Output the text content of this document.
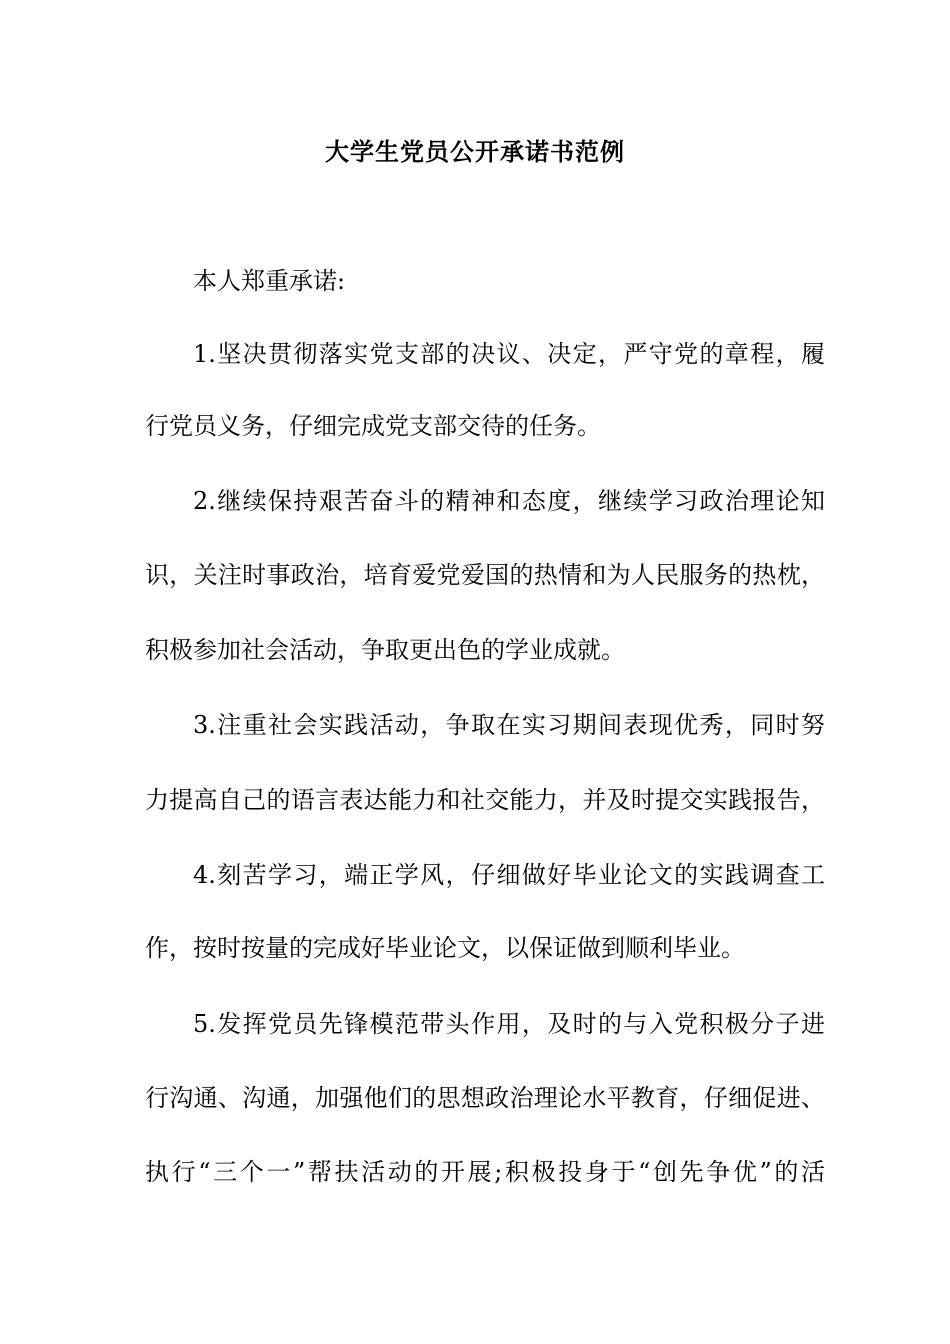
大学生党员公开承诺书范例
本人郑重承诺:
1.坚决贯彻落实党支部的决议、决定，严守党的章程，履
行党员义务，仔细完成党支部交待的任务。
2.继续保持艰苦奋斗的精神和态度，继续学习政治理论知
识，关注时事政治，培育爱党爱国的热情和为人民服务的热枕，
积极参加社会活动，争取更出色的学业成就。
3.注重社会实践活动，争取在实习期间表现优秀，同时努
力提高自己的语言表达能力和社交能力，并及时提交实践报告，
4.刻苦学习，端正学风，仔细做好毕业论文的实践调查工
作，按时按量的完成好毕业论文，以保证做到顺利毕业。
5.发挥党员先锋模范带头作用，及时的与入党积极分子进
行沟通、沟通，加强他们的思想政治理论水平教育，仔细促进、
执行“三个一”帮扶活动的开展;积极投身于“创先争优”的活
